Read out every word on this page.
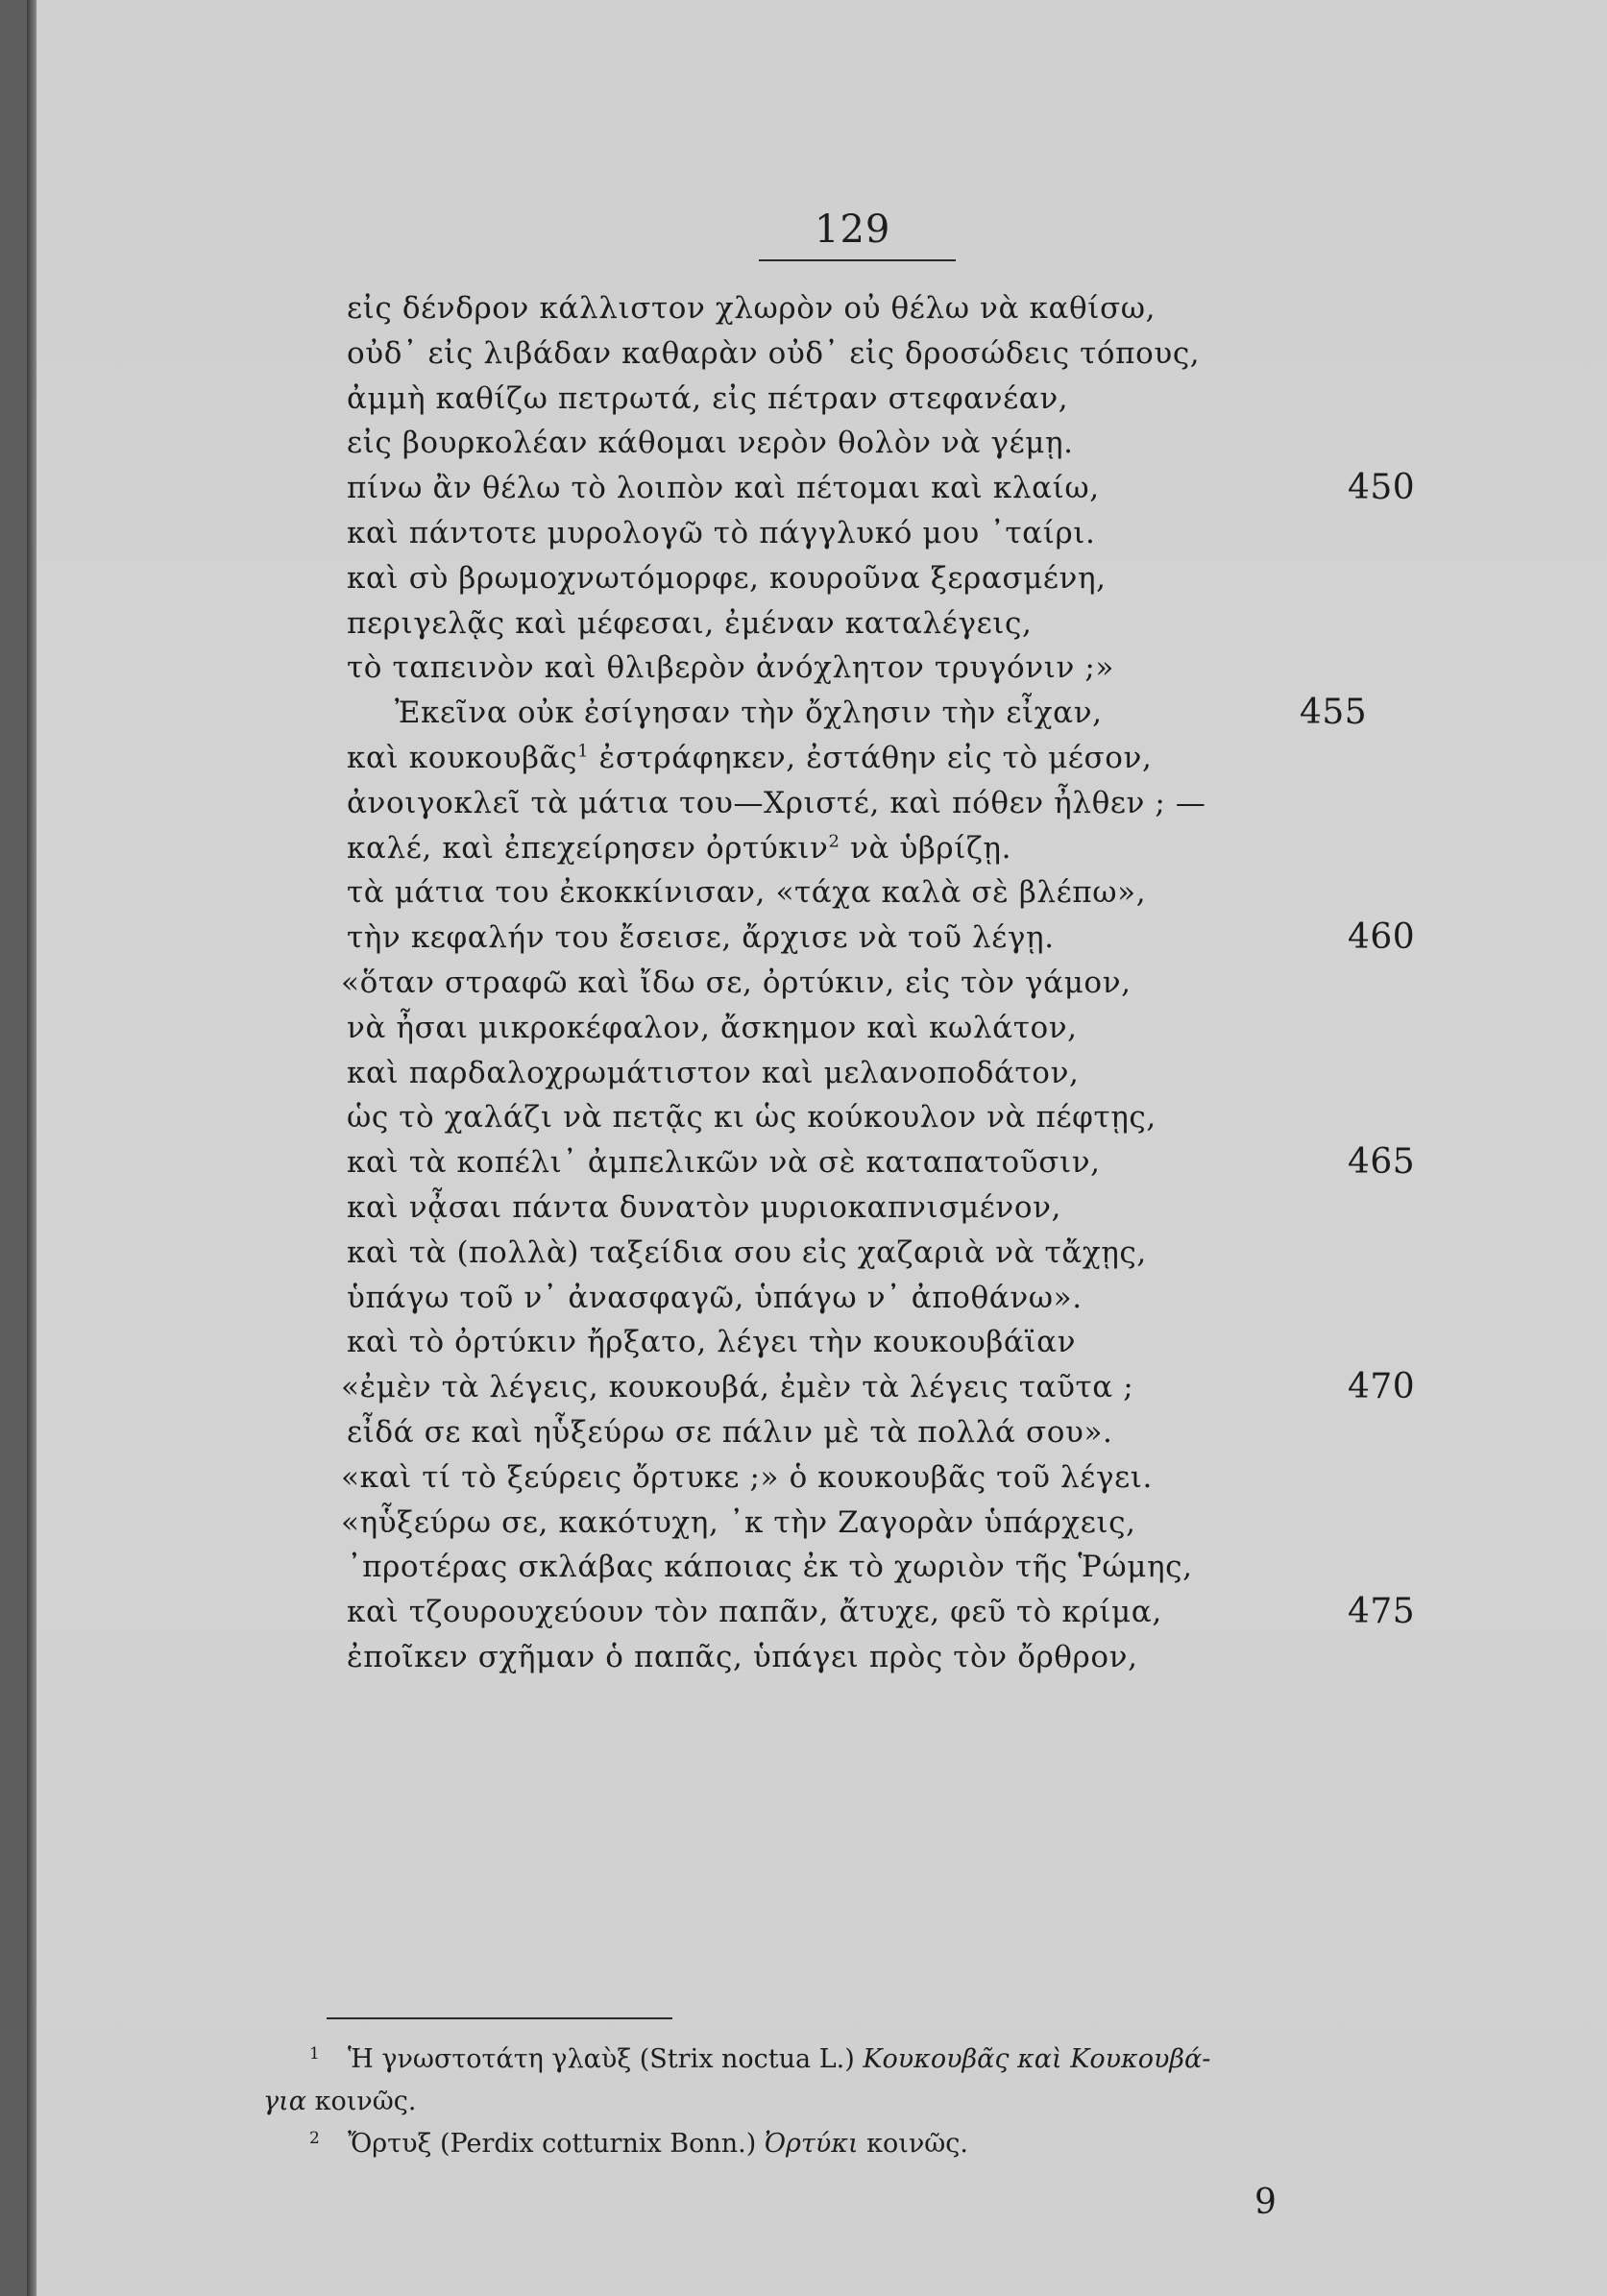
129
εἰς δένδρον κάλλιστον χλωρὸν οὐ θέλω νὰ καθίσω,
οὐδ᾽ εἰς λιβάδαν καθαρὰν οὐδ᾽ εἰς δροσώδεις τόπους,
ἀμμὴ καθίζω πετρωτά, εἰς πέτραν στεφανέαν,
εἰς βουρκολέαν κάθομαι νερὸν θολὸν νὰ γέμῃ.
πίνω ἂν θέλω τὸ λοιπὸν καὶ πέτομαι καὶ κλαίω,	450
καὶ πάντοτε μυρολογῶ τὸ πάγγλυκό μου ᾽ταίρι.
καὶ σὺ βρωμοχνωτόμορφε, κουροῦνα ξερασμένη,
περιγελᾷς καὶ μέφεσαι, ἐμέναν καταλέγεις,
τὸ ταπεινὸν καὶ θλιβερὸν ἀνόχλητον τρυγόνιν ;»
Ἐκεῖνα οὐκ ἐσίγησαν τὴν ὄχλησιν τὴν εἶχαν,	455
καὶ κουκουβᾶς$^1$ ἐστράφηκεν, ἐστάθην εἰς τὸ μέσον,
ἀνοιγοκλεῖ τὰ μάτια του—Χριστέ, καὶ πόθεν ἦλθεν ; —
καλέ, καὶ ἐπεχείρησεν ὀρτύκιν$^2$ νὰ ὑβρίζῃ.
τὰ μάτια του ἐκοκκίνισαν, «τάχα καλὰ σὲ βλέπω»,
τὴν κεφαλήν του ἔσεισε, ἄρχισε νὰ τοῦ λέγῃ.	460
«ὅταν στραφῶ καὶ ἴδω σε, ὀρτύκιν, εἰς τὸν γάμον,
νὰ ἦσαι μικροκέφαλον, ἄσκημον καὶ κωλάτον,
καὶ παρδαλοχρωμάτιστον καὶ μελανοποδάτον,
ὡς τὸ χαλάζι νὰ πετᾷς κι ὡς κούκουλον νὰ πέφτῃς,
καὶ τὰ κοπέλι᾽ ἀμπελικῶν νὰ σὲ καταπατοῦσιν,	465
καὶ νᾆσαι πάντα δυνατὸν μυριοκαπνισμένον,
καὶ τὰ (πολλὰ) ταξείδια σου εἰς χαζαριὰ νὰ τἄχῃς,
ὑπάγω τοῦ ν᾽ ἀνασφαγῶ, ὑπάγω ν᾽ ἀποθάνω».
καὶ τὸ ὀρτύκιν ἤρξατο, λέγει τὴν κουκουβάϊαν
«ἐμὲν τὰ λέγεις, κουκουβά, ἐμὲν τὰ λέγεις ταῦτα ;	470
εἶδά σε καὶ ηὗξεύρω σε πάλιν μὲ τὰ πολλά σου».
«καὶ τί τὸ ξεύρεις ὄρτυκε ;» ὁ κουκουβᾶς τοῦ λέγει.
«ηὗξεύρω σε, κακότυχη, ᾽κ τὴν Ζαγορὰν ὑπάρχεις,
᾽προτέρας σκλάβας κάποιας ἐκ τὸ χωριὸν τῆς Ῥώμης,
καὶ τζουρουχεύουν τὸν παπᾶν, ἄτυχε, φεῦ τὸ κρίμα,	475
ἐποῖκεν σχῆμαν ὁ παπᾶς, ὑπάγει πρὸς τὸν ὄρθρον,
1 Ἡ γνωστοτάτη γλαὺξ (Strix noctua L.) Κουκουβᾶς καὶ Κουκουβά-
για κοινῶς.
2 Ὄρτυξ (Perdix cotturnix Bonn.) Ὀρτύκι κοινῶς.
9
